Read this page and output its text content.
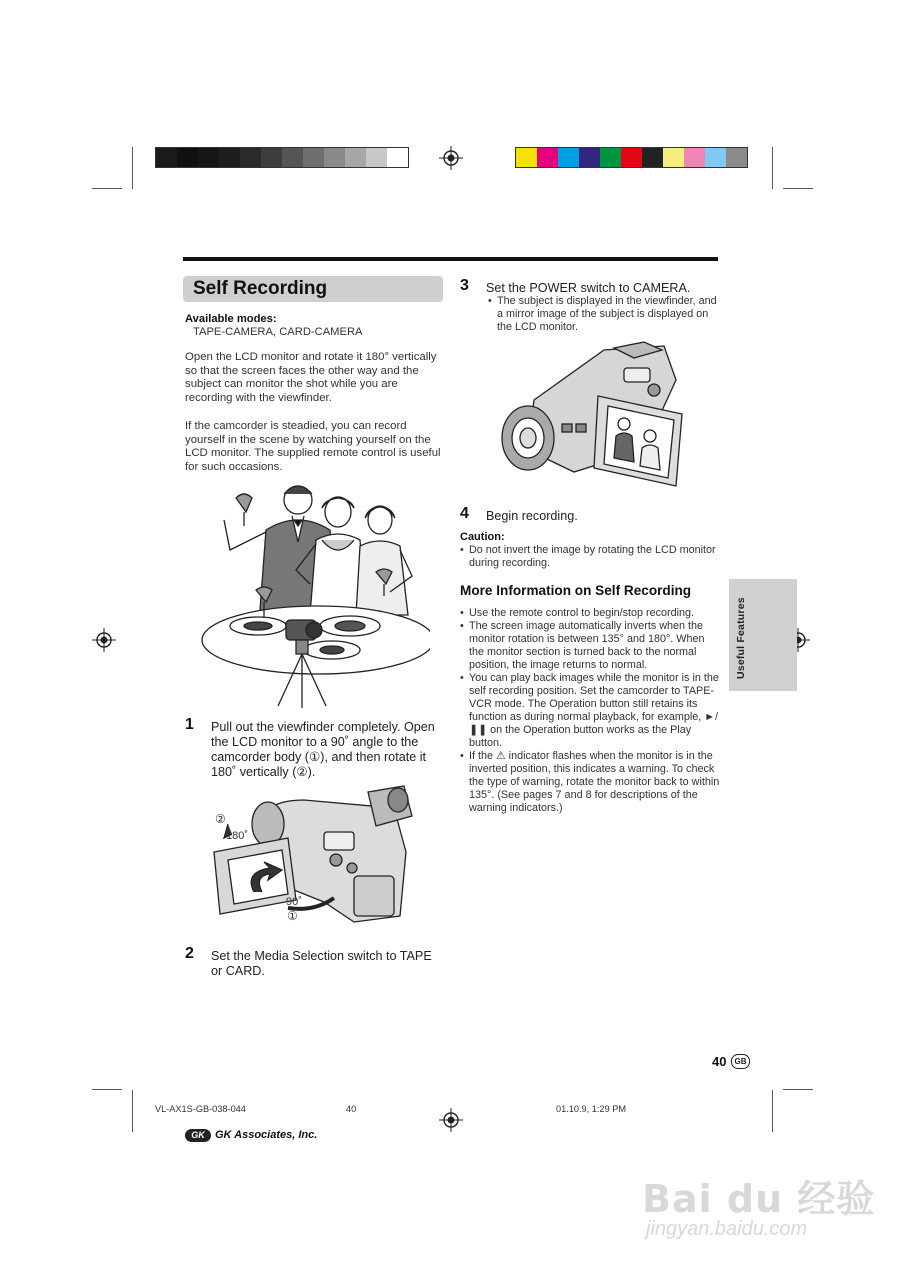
Self Recording
Available modes:
TAPE-CAMERA, CARD-CAMERA
Open the LCD monitor and rotate it 180° vertically so that the screen faces the other way and the subject can monitor the shot while you are recording with the viewfinder.
If the camcorder is steadied, you can record yourself in the scene by watching yourself on the LCD monitor. The supplied remote control is useful for such occasions.
1 Pull out the viewfinder completely. Open the LCD monitor to a 90˚ angle to the camcorder body (①), and then rotate it 180˚ vertically (②).
180˚
②
90˚
①
2 Set the Media Selection switch to TAPE or CARD.
3 Set the POWER switch to CAMERA.
• The subject is displayed in the viewfinder, and a mirror image of the subject is displayed on the LCD monitor.
4 Begin recording.
Caution:
• Do not invert the image by rotating the LCD monitor during recording.
More Information on Self Recording
• Use the remote control to begin/stop recording.
• The screen image automatically inverts when the monitor rotation is between 135° and 180°. When the monitor section is turned back to the normal position, the image returns to normal.
• You can play back images while the monitor is in the self recording position. Set the camcorder to TAPE-VCR mode. The Operation button still retains its function as during normal playback, for example, ►/❚❚ on the Operation button works as the Play button.
• If the ⚠ indicator flashes when the monitor is in the inverted position, this indicates a warning. To check the type of warning, rotate the monitor back to within 135°. (See pages 7 and 8 for descriptions of the warning indicators.)
Useful Features
40	GB
VL-AX1S-GB-038-044	40	01.10.9, 1:29 PM
GK GK Associates, Inc.
Bai du 经验
jingyan.baidu.com
